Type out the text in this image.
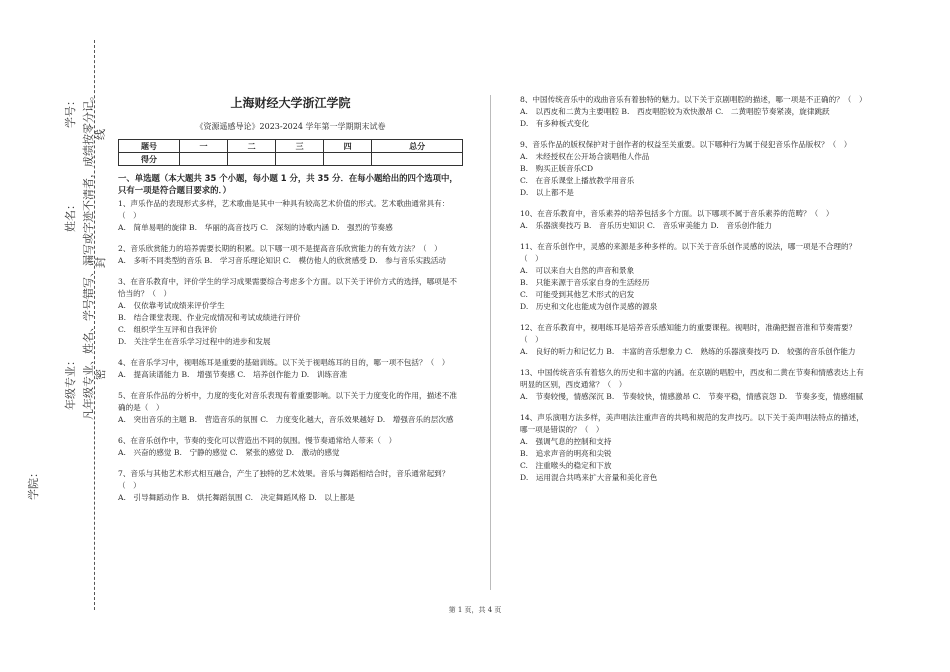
学号：
姓名： 凡年级专业、姓名、学号错写、漏写或字迹不清者，成绩按零分记。 封
线
年级专业： 密
学院：
上海财经大学浙江学院
《资源遥感导论》2023-2024 学年第一学期期末试卷
题号	一	二	三	四	总分
得分					
一、单选题（本大题共 35 个小题，每小题 1 分，共 35 分．在每小题给出的四个选项中，只有一项是符合题目要求的．）

1、声乐作品的表现形式多样，艺术歌曲是其中一种具有较高艺术价值的形式。艺术歌曲通常具有：（　）

A.　简单易唱的旋律 B.　华丽的高音技巧 C.　深刻的诗歌内涵 D.　强烈的节奏感

2、音乐欣赏能力的培养需要长期的积累。以下哪一项不是提高音乐欣赏能力的有效方法？（　）

A.　多听不同类型的音乐 B.　学习音乐理论知识 C.　模仿他人的欣赏感受 D.　参与音乐实践活动

3、在音乐教育中，评价学生的学习成果需要综合考虑多个方面。以下关于评价方式的选择，哪项是不恰当的？（　）

A.　仅依靠考试成绩来评价学生

B.　结合课堂表现、作业完成情况和考试成绩进行评价

C.　组织学生互评和自我评价

D.　关注学生在音乐学习过程中的进步和发展

4、在音乐学习中，视唱练耳是重要的基础训练。以下关于视唱练耳的目的，哪一项不包括？（　）

A.　提高读谱能力 B.　增强节奏感 C.　培养创作能力 D.　训练音准

5、在音乐作品的分析中，力度的变化对音乐表现有着重要影响。以下关于力度变化的作用，描述不准确的是（　）

A.　突出音乐的主题 B.　营造音乐的氛围 C.　力度变化越大，音乐效果越好 D.　增强音乐的层次感

6、在音乐创作中，节奏的变化可以营造出不同的氛围。慢节奏通常给人带来（　）

A.　兴奋的感觉 B.　宁静的感觉 C.　紧张的感觉 D.　激动的感觉

7、音乐与其他艺术形式相互融合，产生了独特的艺术效果。音乐与舞蹈相结合时，音乐通常起到？（　）

A.　引导舞蹈动作 B.　烘托舞蹈氛围 C.　决定舞蹈风格 D.　以上都是

8、中国传统音乐中的戏曲音乐有着独特的魅力。以下关于京剧唱腔的描述，哪一项是不正确的？（　）

A.　以西皮和二黄为主要唱腔 B.　西皮唱腔较为欢快激昂 C.　二黄唱腔节奏紧凑，旋律跳跃

D.　有多种板式变化

9、音乐作品的版权保护对于创作者的权益至关重要。以下哪种行为属于侵犯音乐作品版权？（　）

A.　未经授权在公开场合演唱他人作品

B.　购买正版音乐CD

C.　在音乐课堂上播放教学用音乐

D.　以上都不是

10、在音乐教育中，音乐素养的培养包括多个方面。以下哪项不属于音乐素养的范畴？（　）

A.　乐器演奏技巧 B.　音乐历史知识 C.　音乐审美能力 D.　音乐创作能力

11、在音乐创作中，灵感的来源是多种多样的。以下关于音乐创作灵感的说法，哪一项是不合理的？（　）

A.　可以来自大自然的声音和景象

B.　只能来源于音乐家自身的生活经历

C.　可能受到其他艺术形式的启发

D.　历史和文化也能成为创作灵感的源泉

12、在音乐教育中，视唱练耳是培养音乐感知能力的重要课程。视唱时，准确把握音准和节奏需要？（　）

A.　良好的听力和记忆力 B.　丰富的音乐想象力 C.　熟练的乐器演奏技巧 D.　较强的音乐创作能力

13、中国传统音乐有着悠久的历史和丰富的内涵。在京剧的唱腔中，西皮和二黄在节奏和情感表达上有明显的区别，西皮通常？（　）

A.　节奏较慢，情感深沉 B.　节奏较快，情感激昂 C.　节奏平稳，情感哀怨 D.　节奏多变，情感细腻

14、声乐演唱方法多样，美声唱法注重声音的共鸣和规范的发声技巧。以下关于美声唱法特点的描述，哪一项是错误的？（　）

A.　强调气息的控制和支持

B.　追求声音的明亮和尖锐

C.　注重喉头的稳定和下放

D.　运用混合共鸣来扩大音量和美化音色

第 1 页，共 4 页
